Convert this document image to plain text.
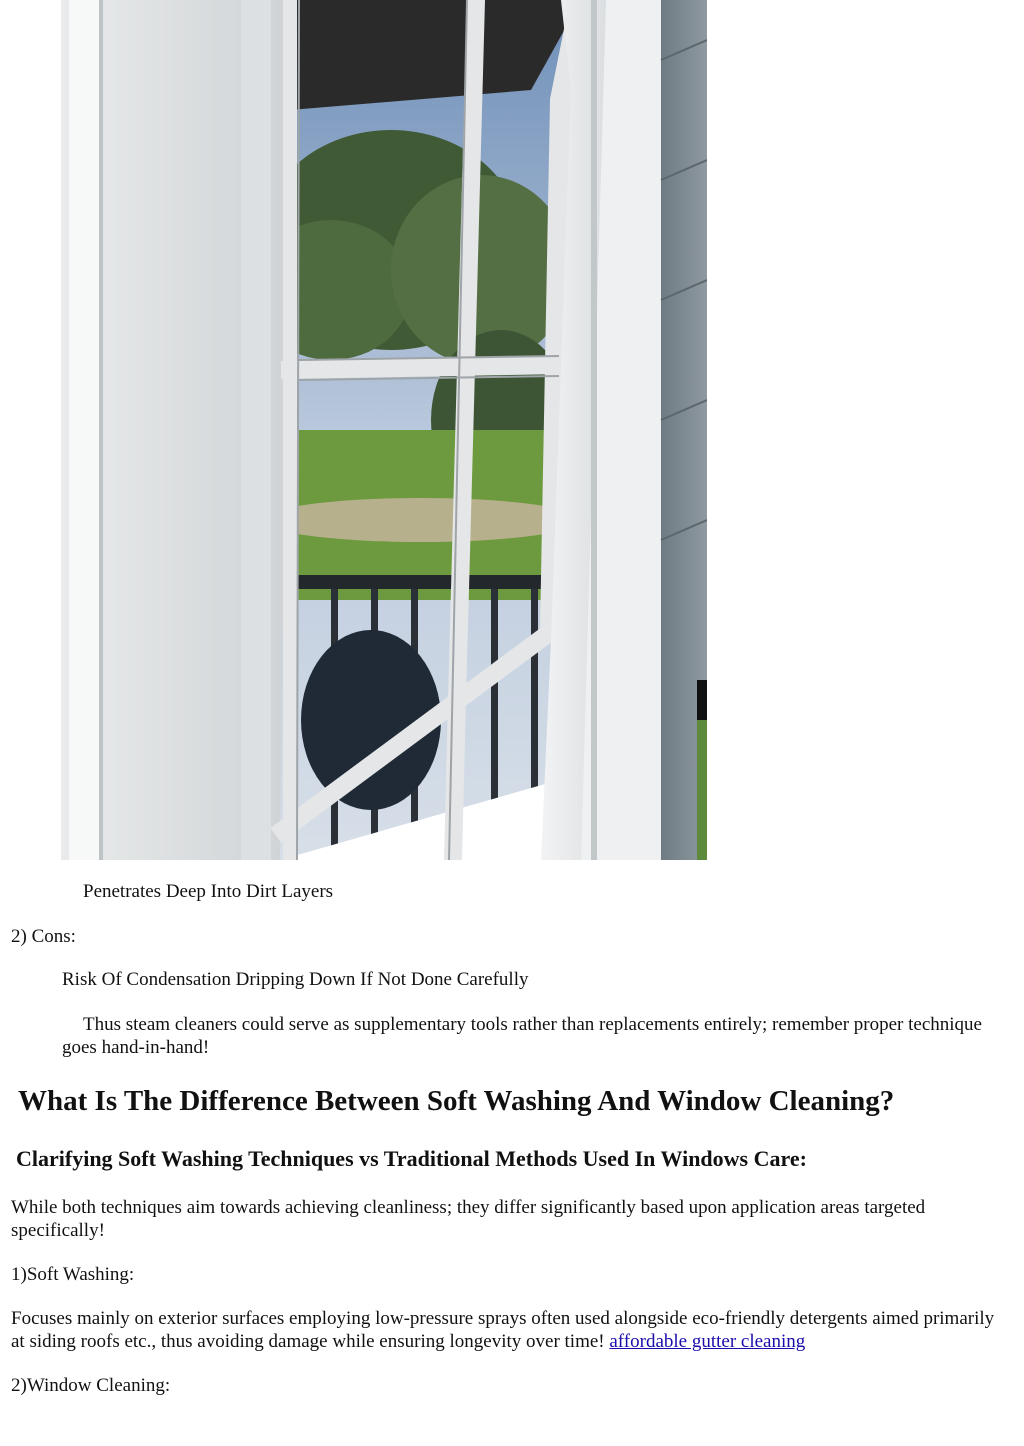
Penetrates Deep Into Dirt Layers

2) Cons:

Risk Of Condensation Dripping Down If Not Done Carefully

Thus steam cleaners could serve as supplementary tools rather than replacements entirely; remember proper technique goes hand-in-hand!

What Is The Difference Between Soft Washing And Window Cleaning?
Clarifying Soft Washing Techniques vs Traditional Methods Used In Windows Care:

While both techniques aim towards achieving cleanliness; they differ significantly based upon application areas targeted specifically!

1)Soft Washing:

Focuses mainly on exterior surfaces employing low-pressure sprays often used alongside eco-friendly detergents aimed primarily at siding roofs etc., thus avoiding damage while ensuring longevity over time! affordable gutter cleaning

2)Window Cleaning:
